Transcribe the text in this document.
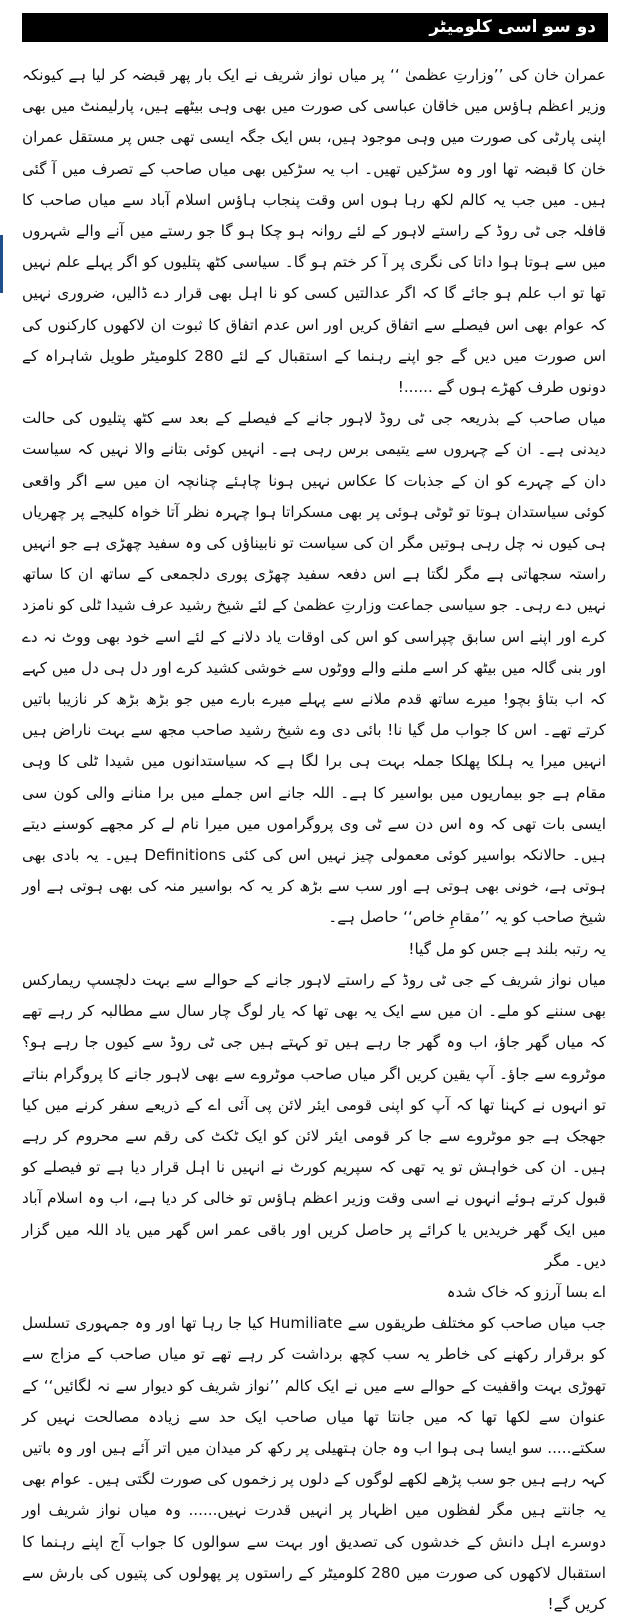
دو سو اسی کلومیٹر

عمران خان کی ’’وزارتِ عظمیٰ ‘‘ پر میاں نواز شریف نے ایک بار پھر قبضہ کر لیا ہے کیونکہ وزیر اعظم ہاؤس میں خاقان عباسی کی صورت میں بھی وہی بیٹھے ہیں، پارلیمنٹ میں بھی اپنی پارٹی کی صورت میں وہی موجود ہیں، بس ایک جگہ ایسی تھی جس پر مستقل عمران خان کا قبضہ تھا اور وہ سڑکیں تھیں۔ اب یہ سڑکیں بھی میاں صاحب کے تصرف میں آ گئی ہیں۔ میں جب یہ کالم لکھ رہا ہوں اس وقت پنجاب ہاؤس اسلام آباد سے میاں صاحب کا قافلہ جی ٹی روڈ کے راستے لاہور کے لئے روانہ ہو چکا ہو گا جو رستے میں آنے والے شہروں میں سے ہوتا ہوا داتا کی نگری پر آ کر ختم ہو گا۔ سیاسی کٹھ پتلیوں کو اگر پہلے علم نہیں تھا تو اب علم ہو جائے گا کہ اگر عدالتیں کسی کو نا اہل بھی قرار دے ڈالیں، ضروری نہیں کہ عوام بھی اس فیصلے سے اتفاق کریں اور اس عدم اتفاق کا ثبوت ان لاکھوں کارکنوں کی اس صورت میں دیں گے جو اپنے رہنما کے استقبال کے لئے 280 کلومیٹر طویل شاہراہ کے دونوں طرف کھڑے ہوں گے ......!

میاں صاحب کے بذریعہ جی ٹی روڈ لاہور جانے کے فیصلے کے بعد سے کٹھ پتلیوں کی حالت دیدنی ہے۔ ان کے چہروں سے یتیمی برس رہی ہے۔ انہیں کوئی بتانے والا نہیں کہ سیاست دان کے چہرے کو ان کے جذبات کا عکاس نہیں ہونا چاہئے چنانچہ ان میں سے اگر واقعی کوئی سیاستدان ہوتا تو ٹوٹی ہوئی پر بھی مسکراتا ہوا چہرہ نظر آتا خواہ کلیجے پر چھریاں ہی کیوں نہ چل رہی ہوتیں مگر ان کی سیاست تو نابیناؤں کی وہ سفید چھڑی ہے جو انہیں راستہ سجھاتی ہے مگر لگتا ہے اس دفعہ سفید چھڑی پوری دلجمعی کے ساتھ ان کا ساتھ نہیں دے رہی۔ جو سیاسی جماعت وزارتِ عظمیٰ کے لئے شیخ رشید عرف شیدا ٹلی کو نامزد کرے اور اپنے اس سابق چپراسی کو اس کی اوقات یاد دلانے کے لئے اسے خود بھی ووٹ نہ دے اور بنی گالہ میں بیٹھ کر اسے ملنے والے ووٹوں سے خوشی کشید کرے اور دل ہی دل میں کہے کہ اب بتاؤ بچو! میرے ساتھ قدم ملانے سے پہلے میرے بارے میں جو بڑھ بڑھ کر نازیبا باتیں کرتے تھے۔ اس کا جواب مل گیا نا! بائی دی وے شیخ رشید صاحب مجھ سے بہت ناراض ہیں انہیں میرا یہ ہلکا پھلکا جملہ بہت ہی برا لگا ہے کہ سیاستدانوں میں شیدا ٹلی کا وہی مقام ہے جو بیماریوں میں بواسیر کا ہے۔ اللہ جانے اس جملے میں برا منانے والی کون سی ایسی بات تھی کہ وہ اس دن سے ٹی وی پروگراموں میں میرا نام لے کر مجھے کوسنے دیتے ہیں۔ حالانکہ بواسیر کوئی معمولی چیز نہیں اس کی کئی Definitions ہیں۔ یہ بادی بھی ہوتی ہے، خونی بھی ہوتی ہے اور سب سے بڑھ کر یہ کہ بواسیر منہ کی بھی ہوتی ہے اور شیخ صاحب کو یہ ’’مقامِ خاص‘‘ حاصل ہے۔

یہ رتبہ بلند ہے جس کو مل گیا!

میاں نواز شریف کے جی ٹی روڈ کے راستے لاہور جانے کے حوالے سے بہت دلچسپ ریمارکس بھی سننے کو ملے۔ ان میں سے ایک یہ بھی تھا کہ یار لوگ چار سال سے مطالبہ کر رہے تھے کہ میاں گھر جاؤ، اب وہ گھر جا رہے ہیں تو کہتے ہیں جی ٹی روڈ سے کیوں جا رہے ہو؟ موٹروے سے جاؤ۔ آپ یقین کریں اگر میاں صاحب موٹروے سے بھی لاہور جانے کا پروگرام بناتے تو انہوں نے کہنا تھا کہ آپ کو اپنی قومی ایئر لائن پی آئی اے کے ذریعے سفر کرنے میں کیا جھجک ہے جو موٹروے سے جا کر قومی ایئر لائن کو ایک ٹکٹ کی رقم سے محروم کر رہے ہیں۔ ان کی خواہش تو یہ تھی کہ سپریم کورٹ نے انہیں نا اہل قرار دیا ہے تو فیصلے کو قبول کرتے ہوئے انہوں نے اسی وقت وزیر اعظم ہاؤس تو خالی کر دیا ہے، اب وہ اسلام آباد میں ایک گھر خریدیں یا کرائے پر حاصل کریں اور باقی عمر اس گھر میں یاد اللہ میں گزار دیں۔ مگر

اے بسا آرزو کہ خاک شدہ

جب میاں صاحب کو مختلف طریقوں سے Humiliate کیا جا رہا تھا اور وہ جمہوری تسلسل کو برقرار رکھنے کی خاطر یہ سب کچھ برداشت کر رہے تھے تو میاں صاحب کے مزاج سے تھوڑی بہت واقفیت کے حوالے سے میں نے ایک کالم ’’نواز شریف کو دیوار سے نہ لگائیں‘‘ کے عنوان سے لکھا تھا کہ میں جانتا تھا میاں صاحب ایک حد سے زیادہ مصالحت نہیں کر سکتے..... سو ایسا ہی ہوا اب وہ جان ہتھیلی پر رکھ کر میدان میں اتر آئے ہیں اور وہ باتیں کہہ رہے ہیں جو سب پڑھے لکھے لوگوں کے دلوں پر زخموں کی صورت لگتی ہیں۔ عوام بھی یہ جانتے ہیں مگر لفظوں میں اظہار پر انہیں قدرت نہیں...... وہ میاں نواز شریف اور دوسرے اہل دانش کے خدشوں کی تصدیق اور بہت سے سوالوں کا جواب آج اپنے رہنما کا استقبال لاکھوں کی صورت میں 280 کلومیٹر کے راستوں پر پھولوں کی پتیوں کی بارش سے کریں گے!
